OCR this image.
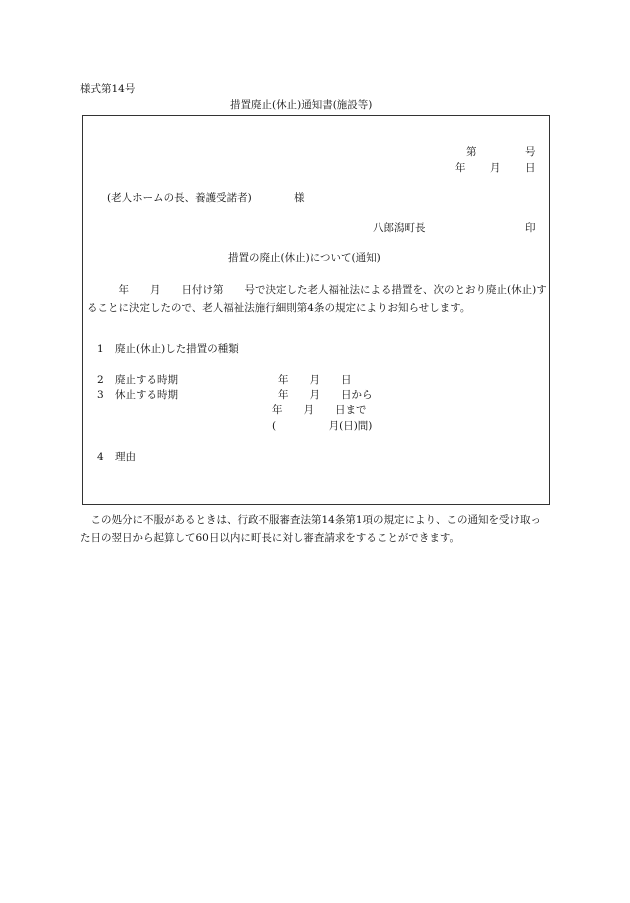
様式第14号
措置廃止(休止)通知書(施設等)
第	号
年 月 日
(老人ホームの長、養護受諾者)	様
八郎潟町長	印
措置の廃止(休止)について(通知)
　　　年　　月　　日付け第　　号で決定した老人福祉法による措置を、次のとおり廃止(休止)することに決定したので、老人福祉法施行細則第4条の規定によりお知らせします。
1 廃止(休止)した措置の種類
2 廃止する時期	年　　月　　日
3 休止する時期	年　　月　　日から
年　　月　　日まで
(　　　　　月(日)間)
4 理由
　この処分に不服があるときは、行政不服審査法第14条第1項の規定により、この通知を受け取った日の翌日から起算して60日以内に町長に対し審査請求をすることができます。
